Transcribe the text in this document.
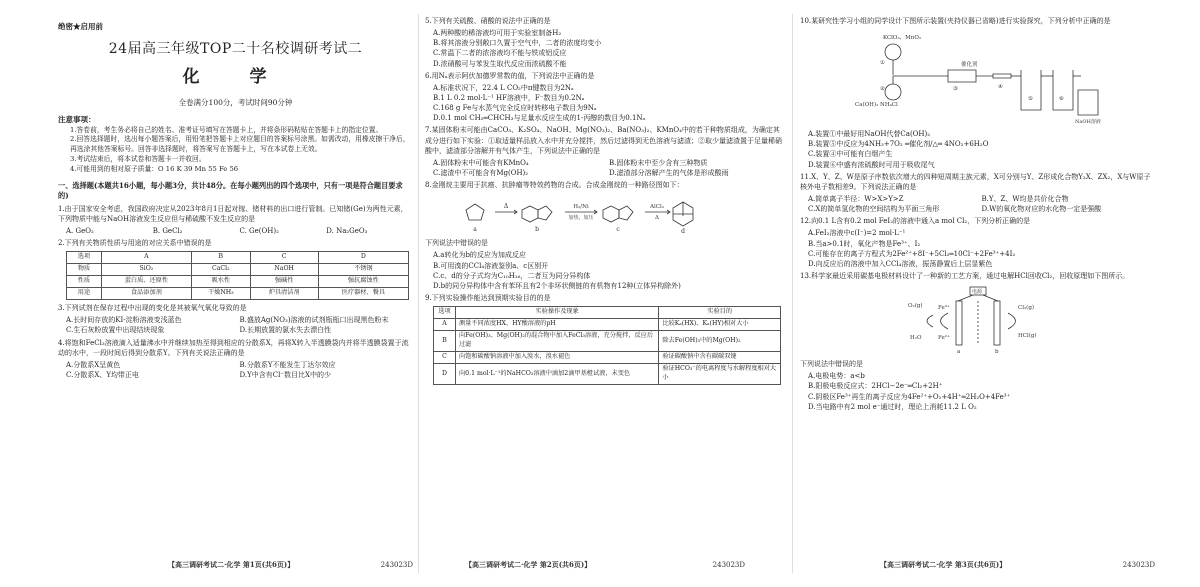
绝密★启用前
24届高三年级TOP二十名校调研考试二
化 学
全卷满分100分，考试时间90分钟
注意事项：
1.答卷前，考生务必将自己的姓名、准考证号填写在答题卡上，并将条形码粘贴在答题卡上的指定位置。
2.回答选择题时，选出每小题答案后，用铅笔把答题卡上对应题目的答案标号涂黑。如需改动，用橡皮擦干净后，再选涂其他答案标号。回答非选择题时，将答案写在答题卡上，写在本试卷上无效。
3.考试结束后，将本试卷和答题卡一并收回。
4.可能用到的相对原子质量：O 16 K 39 Mn 55 Fe 56
一、选择题(本题共16小题，每小题3分，共计48分。在每小题列出的四个选项中，只有一项是符合题目要求的)
1.由于国家安全考虑，我国政府决定从2023年8月1日起对镓、锗材料的出口进行管制。已知锗(Ge)为两性元素，下列物质中能与NaOH溶液发生反应但与稀硫酸不发生反应的是
A. GeO₂	B. GeCl₂	C. Ge(OH)₂	D. Na₂GeO₃
2.下列有关物质性质与用途的对应关系中错误的是
选项	A	B	C	D
物质	SiO₂	CaCl₂	NaOH	不锈钢
性质	蛋白质、还原性	吸水性	强碱性	强抗腐蚀性
用途	食品添加剂	干燥NH₃	炉具清洁剂	医疗器材、餐具
3.下列试剂在保存过程中出现的变化是其被氧气氧化导致的是
A.长时间存放的KI-淀粉溶液变浅蓝色	B.盛放Ag(NO₃)溶液的试剂瓶瓶口出现黑色粉末
C.生石灰粉放置中出现结块现象	D.长期放置的氯水失去漂白性
4.将饱和FeCl₃溶液滴入适量沸水中并继续加热至得到相应的分散系X，再将X转入半透膜袋内并将半透膜袋置于流动的水中，一段时间后得到分散系Y。下列有关说法正确的是
A.分散系X呈黄色	B.分散系Y不能发生丁达尔效应
C.分散系X、Y均带正电	D.Y中含有Cl⁻数目比X中的少
【高三调研考试二·化学 第1页(共6页)】	243023D
5.下列有关硫酸、硝酸的说法中正确的是
A.两种酸的稀溶液均可用于实验室制备H₂
B.将其溶液分别敞口久置于空气中，二者的浓度均变小
C.常温下二者的浓溶液均不能与铁或铝反应
D.浓硝酸可与苯发生取代反应而浓硫酸不能
6.用Nₐ表示阿伏加德罗常数的值，下列说法中正确的是
A.标准状况下，22.4 L CO₂中π键数目为2Nₐ
B.1 L 0.2 mol·L⁻¹ HF溶液中，F⁻数目为0.2Nₐ
C.168 g Fe与水蒸气完全反应时转移电子数目为9Nₐ
D.0.1 mol CH₂═CHCH₃与足量水反应生成的1-丙醇的数目为0.1Nₐ
7.某固体粉末可能由CaCO₃、K₂SO₄、NaOH、Mg(NO₃)₂、Ba(NO₃)₂、KMnO₄中的若干种物质组成，为确定其成分进行如下实验：①取适量样品放入水中并充分搅拌，然后过滤得到无色溶液与滤渣；②取少量滤渣置于足量稀硝酸中，滤渣部分溶解并有气体产生，下列说法中正确的是
A.固体粉末中可能含有KMnO₄	B.固体粉末中至少含有三种物质
C.滤渣中不可能含有Mg(OH)₂	D.滤渣部分溶解产生的气体是形成酸雨
8.金刚烷主要用于抗癌、抗肿瘤等特效药物的合成。合成金刚烷的一种路径图如下：
Δ	H₂/Ni
加热，加压
AlCl₃
Δ
a	b	c	d
下列说法中错误的是
A.a转化为b的反应为加成反应
B.可用溴的CCl₄溶液鉴别a、c区别开
C.c、d的分子式均为C₁₀H₁₆，二者互为同分异构体
D.b的同分异构体中含有苯环且有2个非环状侧链的有机物有12种(立体异构除外)
9.下列实验操作能达到预期实验目的的是
选项	实验操作及现象	实验目的
A	测量不同浓度HX、HY酸溶液的pH	比较Kₐ(HX)、Kₐ(HY)相对大小
B	向Fe(OH)₃、Mg(OH)₂的混合物中加入FeCl₃溶液，充分搅拌，反应后过滤	除去Fe(OH)₃中的Mg(OH)₂
C	向饱和碳酸钠溶液中加入溴水，溴水褪色	验证碳酸钠中含有碳碳双键
D	向0.1 mol·L⁻¹的NaHCO₃溶液中滴加2滴甲基橙试液，未变色	验证HCO₃⁻的电离程度与水解程度相对大小
【高三调研考试二·化学 第2页(共6页)】	243023D
10.某研究性学习小组的同学设计下图所示装置(夹持仪器已省略)进行实验探究，下列分析中正确的是
KClO₃、MnO₂
Ca(OH)₂ NH₄Cl
催化剂
NaOH溶液
①
②	③	④
⑤	⑥
A.装置①中最好用NaOH代替Ca(OH)₂
B.装置⑤中反应为4NH₃+7O₂ ═催化剂/△═ 4NO₂+6H₂O
C.装置④中可能有白烟产生
D.装置⑥中盛有浓硫酸时可用于吸收尾气
11.X、Y、Z、W是原子序数依次增大的四种短周期主族元素，X可分别与Y、Z形成化合物Y₂X、ZX₂，X与W原子核外电子数相差9。下列说法正确的是
A.简单离子半径：W>X>Y>Z	B.Y、Z、W均是共价化合物
C.X的简单氢化物的空间结构为平面三角形	D.W的氧化物对应的水化物一定是强酸
12.向0.1 L含有0.2 mol FeI₂的溶液中通入a mol Cl₂，下列分析正确的是
A.FeI₂溶液中c(I⁻)=2 mol·L⁻¹
B.当a>0.1时，氧化产物是Fe³⁺、I₂
C.可能存在的离子方程式为2Fe²⁺+8I⁻+5Cl₂═10Cl⁻+2Fe³⁺+4I₂
D.向反应后的溶液中加入CCl₄溶液，振荡静置后上层显紫色
13.科学家最近采用碳基电极材料设计了一种新的工艺方案，通过电解HCl回收Cl₂，回收原理如下图所示。
电源
O₂(g)	Fe³⁺
H₂O	Fe²⁺
Cl₂(g)
HCl(g)
a	b
下列说法中错误的是
A.电极电势：a<b
B.阳极电极反应式：2HCl−2e⁻═Cl₂+2H⁺
C.阴极区Fe³⁺再生的离子反应为4Fe²⁺+O₂+4H⁺═2H₂O+4Fe³⁺
D.当电路中有2 mol e⁻通过时，理论上消耗11.2 L O₂
【高三调研考试二·化学 第3页(共6页)】	243023D
